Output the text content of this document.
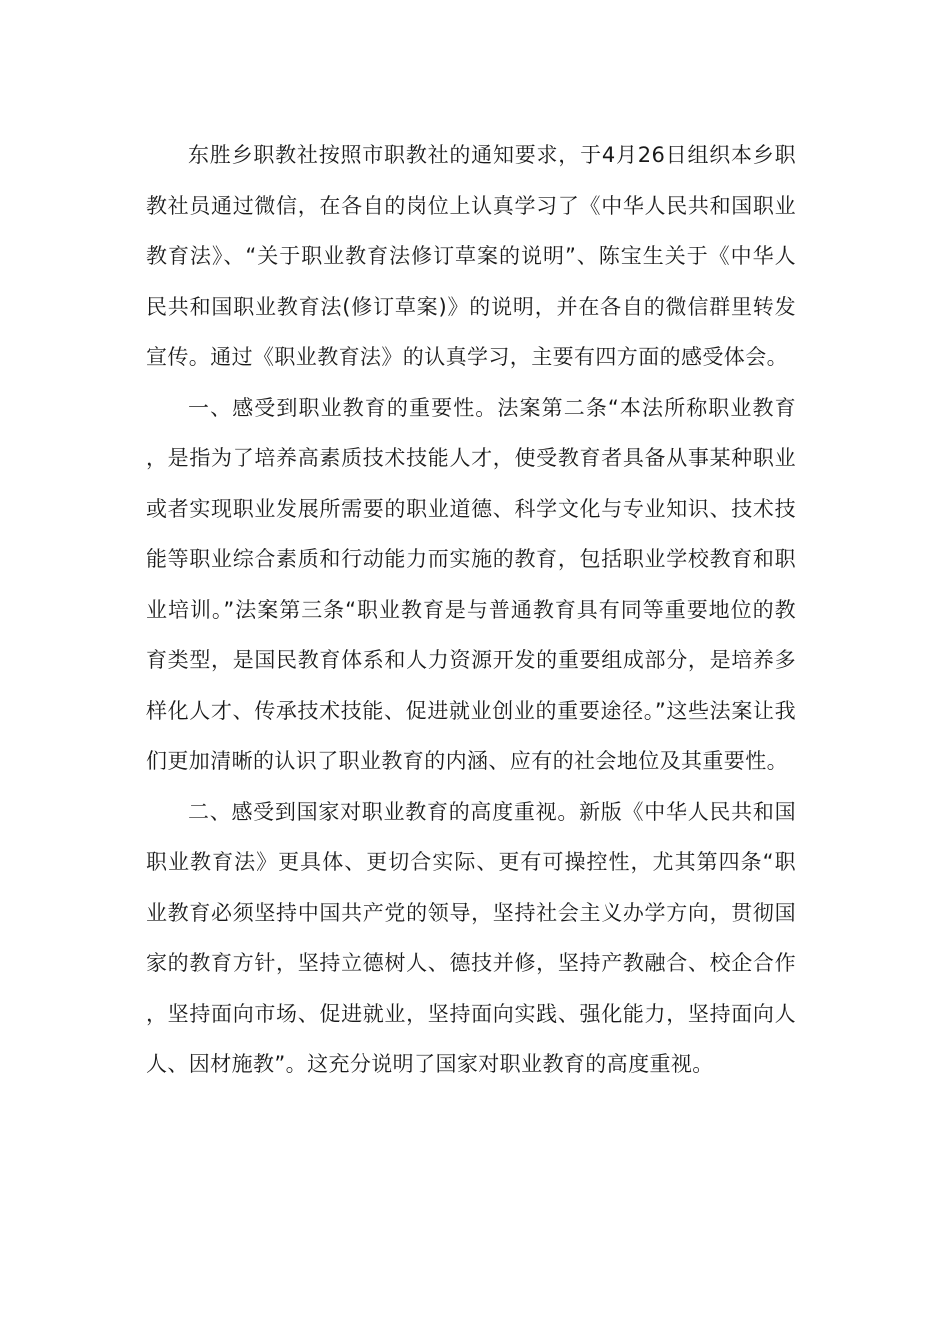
东胜乡职教社按照市职教社的通知要求，于4月26日组织本乡职教社员通过微信，在各自的岗位上认真学习了《中华人民共和国职业教育法》、“关于职业教育法修订草案的说明”、陈宝生关于《中华人民共和国职业教育法(修订草案)》的说明，并在各自的微信群里转发宣传。通过《职业教育法》的认真学习，主要有四方面的感受体会。

一、感受到职业教育的重要性。法案第二条“本法所称职业教育，是指为了培养高素质技术技能人才，使受教育者具备从事某种职业或者实现职业发展所需要的职业道德、科学文化与专业知识、技术技能等职业综合素质和行动能力而实施的教育，包括职业学校教育和职业培训。”法案第三条“职业教育是与普通教育具有同等重要地位的教育类型，是国民教育体系和人力资源开发的重要组成部分，是培养多样化人才、传承技术技能、促进就业创业的重要途径。”这些法案让我们更加清晰的认识了职业教育的内涵、应有的社会地位及其重要性。

二、感受到国家对职业教育的高度重视。新版《中华人民共和国职业教育法》更具体、更切合实际、更有可操控性，尤其第四条“职业教育必须坚持中国共产党的领导，坚持社会主义办学方向，贯彻国家的教育方针，坚持立德树人、德技并修，坚持产教融合、校企合作，坚持面向市场、促进就业，坚持面向实践、强化能力，坚持面向人人、因材施教”。这充分说明了国家对职业教育的高度重视。
